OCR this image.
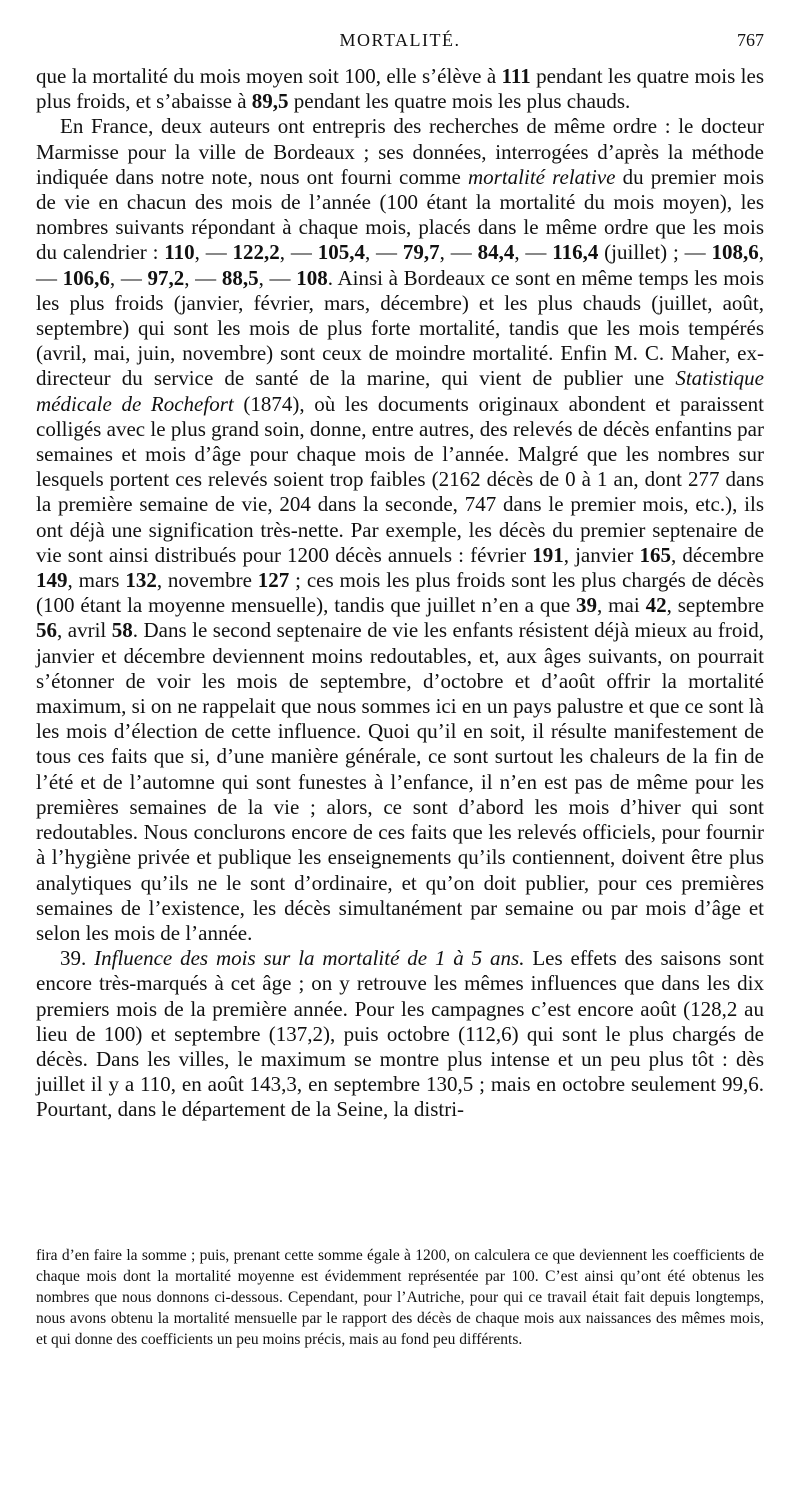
MORTALITÉ.	767

que la mortalité du mois moyen soit 100, elle s’élève à 111 pendant les quatre mois les plus froids, et s’abaisse à 89,5 pendant les quatre mois les plus chauds.

En France, deux auteurs ont entrepris des recherches de même ordre : le docteur Marmisse pour la ville de Bordeaux ; ses données, interrogées d’après la méthode indiquée dans notre note, nous ont fourni comme mortalité relative du premier mois de vie en chacun des mois de l’année (100 étant la mortalité du mois moyen), les nombres suivants répondant à chaque mois, placés dans le même ordre que les mois du calendrier : 110, — 122,2, — 105,4, — 79,7, — 84,4, — 116,4 (juillet) ; — 108,6, — 106,6, — 97,2, — 88,5, — 108. Ainsi à Bordeaux ce sont en même temps les mois les plus froids (janvier, février, mars, décembre) et les plus chauds (juillet, août, septembre) qui sont les mois de plus forte mortalité, tandis que les mois tempérés (avril, mai, juin, novembre) sont ceux de moindre mortalité. Enfin M. C. Maher, ex-directeur du service de santé de la marine, qui vient de publier une Statistique médicale de Rochefort (1874), où les documents originaux abondent et paraissent colligés avec le plus grand soin, donne, entre autres, des relevés de décès enfantins par semaines et mois d’âge pour chaque mois de l’année. Malgré que les nombres sur lesquels portent ces relevés soient trop faibles (2162 décès de 0 à 1 an, dont 277 dans la première semaine de vie, 204 dans la seconde, 747 dans le premier mois, etc.), ils ont déjà une signification très-nette. Par exemple, les décès du premier septenaire de vie sont ainsi distribués pour 1200 décès annuels : février 191, janvier 165, décembre 149, mars 132, novembre 127 ; ces mois les plus froids sont les plus chargés de décès (100 étant la moyenne mensuelle), tandis que juillet n’en a que 39, mai 42, septembre 56, avril 58. Dans le second septenaire de vie les enfants résistent déjà mieux au froid, janvier et décembre deviennent moins redoutables, et, aux âges suivants, on pourrait s’étonner de voir les mois de septembre, d’octobre et d’août offrir la mortalité maximum, si on ne rappelait que nous sommes ici en un pays palustre et que ce sont là les mois d’élection de cette influence. Quoi qu’il en soit, il résulte manifestement de tous ces faits que si, d’une manière générale, ce sont surtout les chaleurs de la fin de l’été et de l’automne qui sont funestes à l’enfance, il n’en est pas de même pour les premières semaines de la vie ; alors, ce sont d’abord les mois d’hiver qui sont redoutables. Nous conclurons encore de ces faits que les relevés officiels, pour fournir à l’hygiène privée et publique les enseignements qu’ils contiennent, doivent être plus analytiques qu’ils ne le sont d’ordinaire, et qu’on doit publier, pour ces premières semaines de l’existence, les décès simultanément par semaine ou par mois d’âge et selon les mois de l’année.

39. Influence des mois sur la mortalité de 1 à 5 ans. Les effets des saisons sont encore très-marqués à cet âge ; on y retrouve les mêmes influences que dans les dix premiers mois de la première année. Pour les campagnes c’est encore août (128,2 au lieu de 100) et septembre (137,2), puis octobre (112,6) qui sont le plus chargés de décès. Dans les villes, le maximum se montre plus intense et un peu plus tôt : dès juillet il y a 110, en août 143,3, en septembre 130,5 ; mais en octobre seulement 99,6. Pourtant, dans le département de la Seine, la distri-

fira d’en faire la somme ; puis, prenant cette somme égale à 1200, on calculera ce que deviennent les coefficients de chaque mois dont la mortalité moyenne est évidemment représentée par 100. C’est ainsi qu’ont été obtenus les nombres que nous donnons ci-dessous. Cependant, pour l’Autriche, pour qui ce travail était fait depuis longtemps, nous avons obtenu la mortalité mensuelle par le rapport des décès de chaque mois aux naissances des mêmes mois, et qui donne des coefficients un peu moins précis, mais au fond peu différents.
